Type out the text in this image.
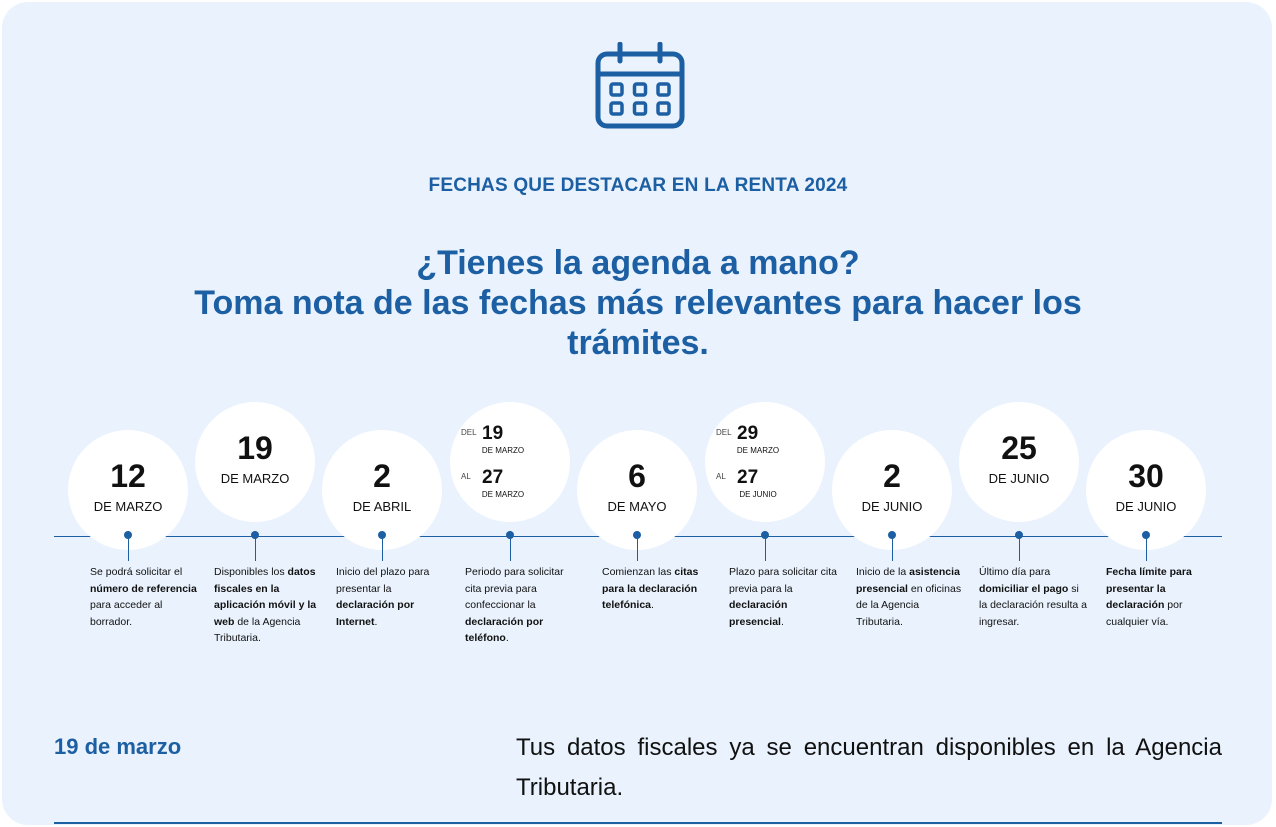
FECHAS QUE DESTACAR EN LA RENTA 2024
¿Tienes la agenda a mano?
Toma nota de las fechas más relevantes para hacer los trámites.
12
DE MARZO
Se podrá solicitar el número de referencia para acceder al borrador.
19
DE MARZO
Disponibles los datos fiscales en la aplicación móvil y la web de la Agencia Tributaria.
2
DE ABRIL
Inicio del plazo para presentar la declaración por Internet.
DEL 19
DE MARZO
AL 27
DE MARZO
Periodo para solicitar cita previa para confeccionar la declaración por teléfono.
6
DE MAYO
Comienzan las citas para la declaración telefónica.
DEL 29
DE MARZO
AL 27
DE JUNIO
Plazo para solicitar cita previa para la declaración presencial.
2
DE JUNIO
Inicio de la asistencia presencial en oficinas de la Agencia Tributaria.
25
DE JUNIO
Último día para domiciliar el pago si la declaración resulta a ingresar.
30
DE JUNIO
Fecha límite para presentar la declaración por cualquier vía.
19 de marzo	Tus datos fiscales ya se encuentran disponibles en la Agencia Tributaria.
